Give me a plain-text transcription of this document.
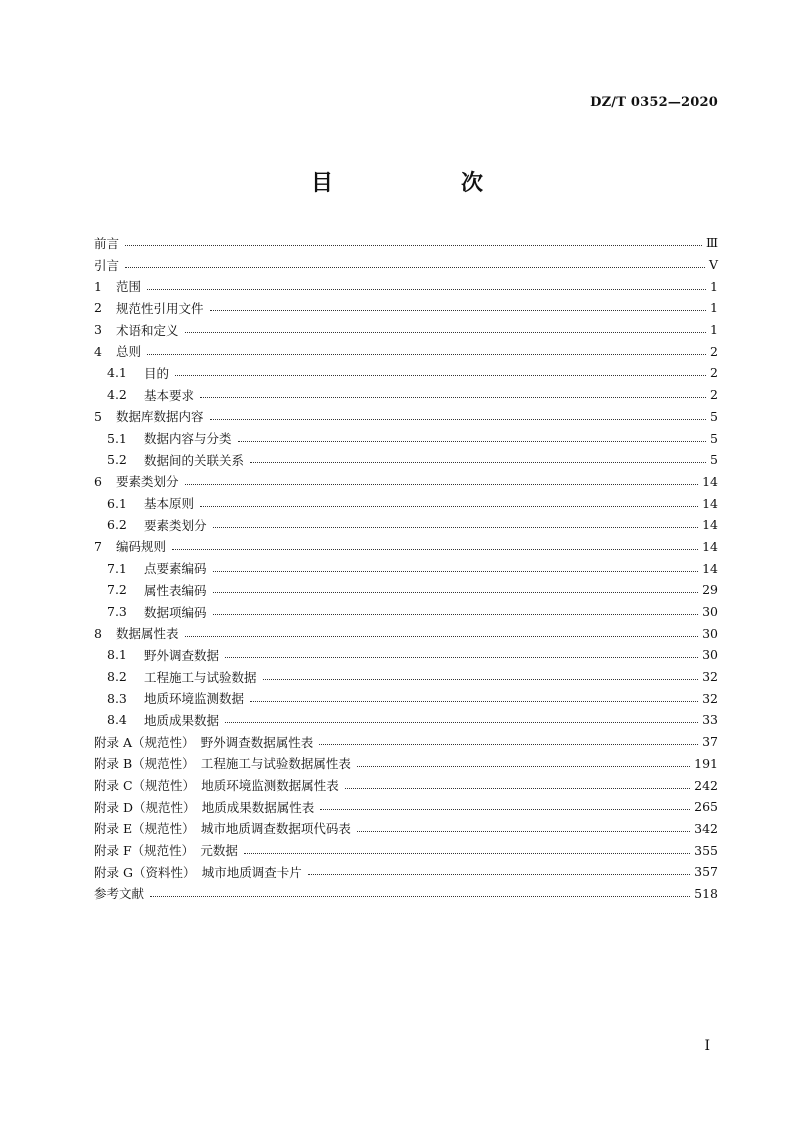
DZ/T 0352—2020
目　　次
前言	Ⅲ
引言	Ⅴ
1	范围	1
2	规范性引用文件	1
3	术语和定义	1
4	总则	2
4.1	目的	2
4.2	基本要求	2
5	数据库数据内容	5
5.1	数据内容与分类	5
5.2	数据间的关联关系	5
6	要素类划分	14
6.1	基本原则	14
6.2	要素类划分	14
7	编码规则	14
7.1	点要素编码	14
7.2	属性表编码	29
7.3	数据项编码	30
8	数据属性表	30
8.1	野外调查数据	30
8.2	工程施工与试验数据	32
8.3	地质环境监测数据	32
8.4	地质成果数据	33
附录 A（规范性）　野外调查数据属性表	37
附录 B（规范性）　工程施工与试验数据属性表	191
附录 C（规范性）　地质环境监测数据属性表	242
附录 D（规范性）　地质成果数据属性表	265
附录 E（规范性）　城市地质调查数据项代码表	342
附录 F（规范性）　元数据	355
附录 G（资料性）　城市地质调查卡片	357
参考文献	518
I
